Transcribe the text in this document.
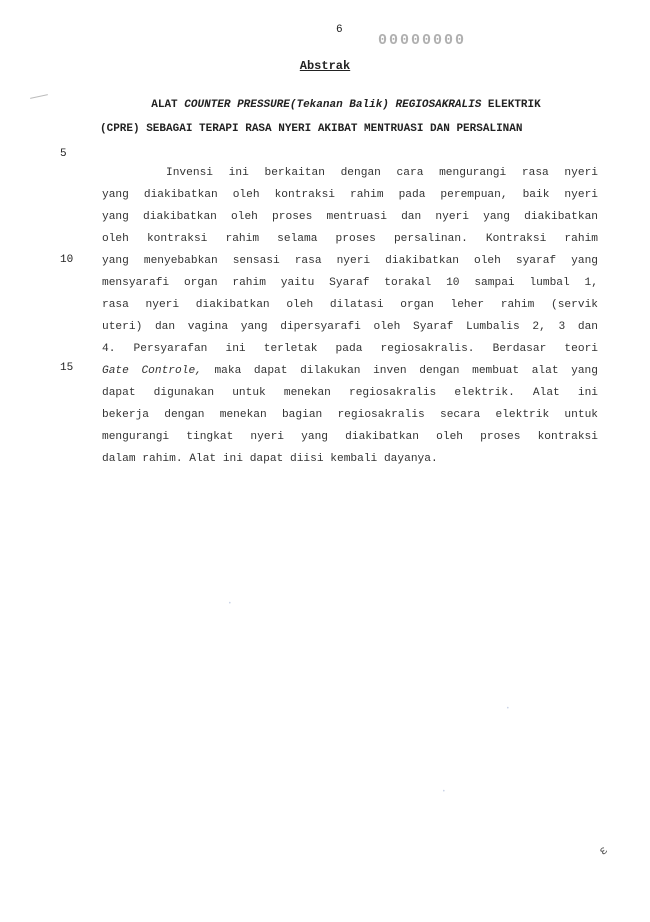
6
00000000
Abstrak
ALAT COUNTER PRESSURE(Tekanan Balik) REGIOSAKRALIS ELEKTRIK
(CPRE) SEBAGAI TERAPI RASA NYERI AKIBAT MENTRUASI DAN PERSALINAN
5
10
15
Invensi ini berkaitan dengan cara mengurangi rasa nyeri
yang diakibatkan oleh kontraksi rahim pada perempuan, baik nyeri
yang diakibatkan oleh proses mentruasi dan nyeri yang diakibatkan
oleh kontraksi rahim selama proses persalinan. Kontraksi rahim
yang menyebabkan sensasi rasa nyeri diakibatkan oleh syaraf yang
mensyarafi organ rahim yaitu Syaraf torakal 10 sampai lumbal 1,
rasa nyeri diakibatkan oleh dilatasi organ leher rahim (servik
uteri) dan vagina yang dipersyarafi oleh Syaraf Lumbalis 2, 3 dan
4. Persyarafan ini terletak pada regiosakralis. Berdasar teori
Gate Controle, maka dapat dilakukan inven dengan membuat alat yang
dapat digunakan untuk menekan regiosakralis elektrik. Alat ini
bekerja dengan menekan bagian regiosakralis secara elektrik untuk
mengurangi tingkat nyeri yang diakibatkan oleh proses kontraksi
dalam rahim. Alat ini dapat diisi kembali dayanya.
•
•
•
ε
